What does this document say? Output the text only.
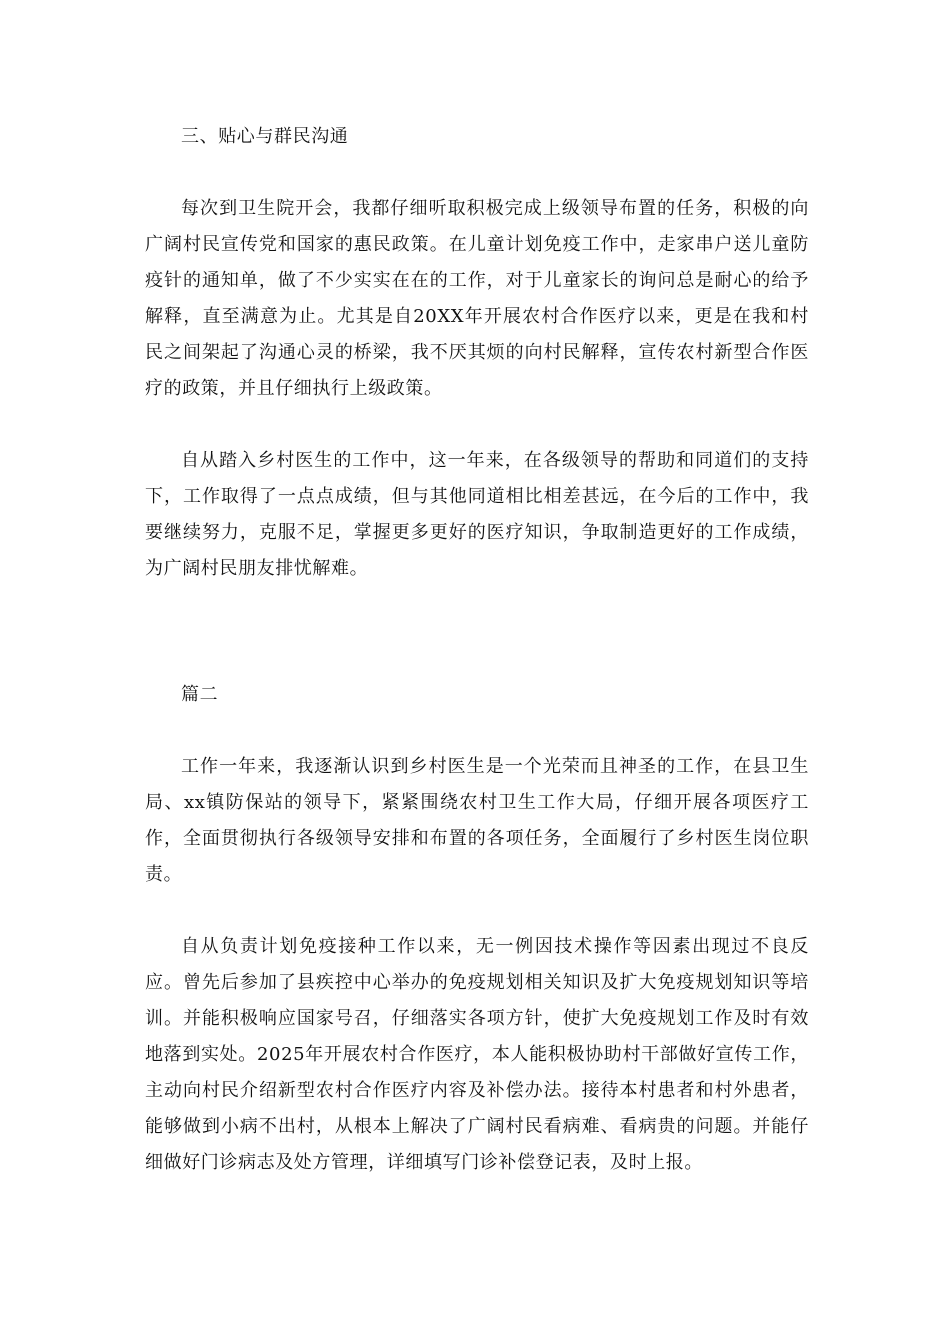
三、贴心与群民沟通

每次到卫生院开会，我都仔细听取积极完成上级领导布置的任务，积极的向广阔村民宣传党和国家的惠民政策。在儿童计划免疫工作中，走家串户送儿童防疫针的通知单，做了不少实实在在的工作，对于儿童家长的询问总是耐心的给予解释，直至满意为止。尤其是自20XX年开展农村合作医疗以来，更是在我和村民之间架起了沟通心灵的桥梁，我不厌其烦的向村民解释，宣传农村新型合作医疗的政策，并且仔细执行上级政策。

自从踏入乡村医生的工作中，这一年来，在各级领导的帮助和同道们的支持下，工作取得了一点点成绩，但与其他同道相比相差甚远，在今后的工作中，我要继续努力，克服不足，掌握更多更好的医疗知识，争取制造更好的工作成绩，为广阔村民朋友排忧解难。

篇二

工作一年来，我逐渐认识到乡村医生是一个光荣而且神圣的工作，在县卫生局、xx镇防保站的领导下，紧紧围绕农村卫生工作大局，仔细开展各项医疗工作，全面贯彻执行各级领导安排和布置的各项任务，全面履行了乡村医生岗位职责。

自从负责计划免疫接种工作以来，无一例因技术操作等因素出现过不良反应。曾先后参加了县疾控中心举办的免疫规划相关知识及扩大免疫规划知识等培训。并能积极响应国家号召，仔细落实各项方针，使扩大免疫规划工作及时有效地落到实处。2025年开展农村合作医疗，本人能积极协助村干部做好宣传工作，主动向村民介绍新型农村合作医疗内容及补偿办法。接待本村患者和村外患者，能够做到小病不出村，从根本上解决了广阔村民看病难、看病贵的问题。并能仔细做好门诊病志及处方管理，详细填写门诊补偿登记表，及时上报。
